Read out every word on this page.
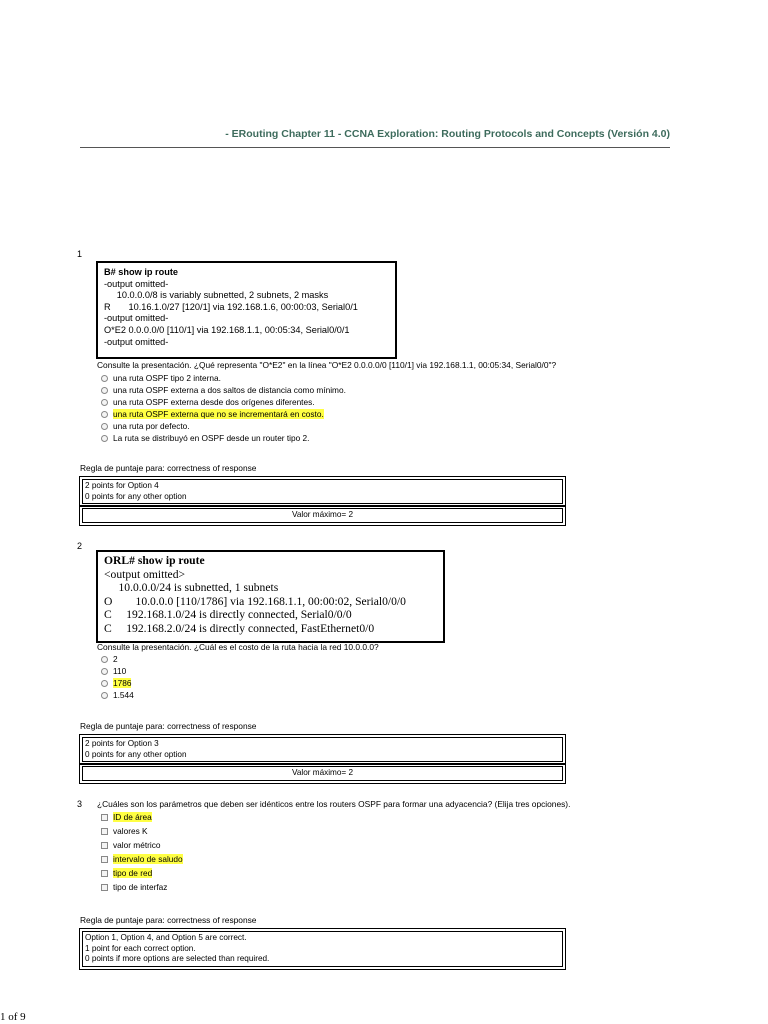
- ERouting Chapter 11 - CCNA Exploration: Routing Protocols and Concepts (Versión 4.0)
1
B# show ip route
-output omitted-
10.0.0.0/8 is variably subnetted, 2 subnets, 2 masks
R       10.16.1.0/27 [120/1] via 192.168.1.6, 00:00:03, Serial0/1
-output omitted-
O*E2 0.0.0.0/0 [110/1] via 192.168.1.1, 00:05:34, Serial0/0/1
-output omitted-
Consulte la presentación. ¿Qué representa "O*E2" en la línea "O*E2 0.0.0.0/0 [110/1] via 192.168.1.1, 00:05:34, Serial0/0"?
una ruta OSPF tipo 2 interna.
una ruta OSPF externa a dos saltos de distancia como mínimo.
una ruta OSPF externa desde dos orígenes diferentes.
una ruta OSPF externa que no se incrementará en costo.
una ruta por defecto.
La ruta se distribuyó en OSPF desde un router tipo 2.
Regla de puntaje para: correctness of response
2 points for Option 4
0 points for any other option
Valor máximo= 2
2
ORL# show ip route
<output omitted>
10.0.0.0/24 is subnetted, 1 subnets
O        10.0.0.0 [110/1786] via 192.168.1.1, 00:00:02, Serial0/0/0
C     192.168.1.0/24 is directly connected, Serial0/0/0
C     192.168.2.0/24 is directly connected, FastEthernet0/0
Consulte la presentación. ¿Cuál es el costo de la ruta hacia la red 10.0.0.0?
2
110
1786
1.544
Regla de puntaje para: correctness of response
2 points for Option 3
0 points for any other option
Valor máximo= 2
3 ¿Cuáles son los parámetros que deben ser idénticos entre los routers OSPF para formar una adyacencia? (Elija tres opciones).
ID de área
valores K
valor métrico
intervalo de saludo
tipo de red
tipo de interfaz
Regla de puntaje para: correctness of response
Option 1, Option 4, and Option 5 are correct.
1 point for each correct option.
0 points if more options are selected than required.
1 of 9
